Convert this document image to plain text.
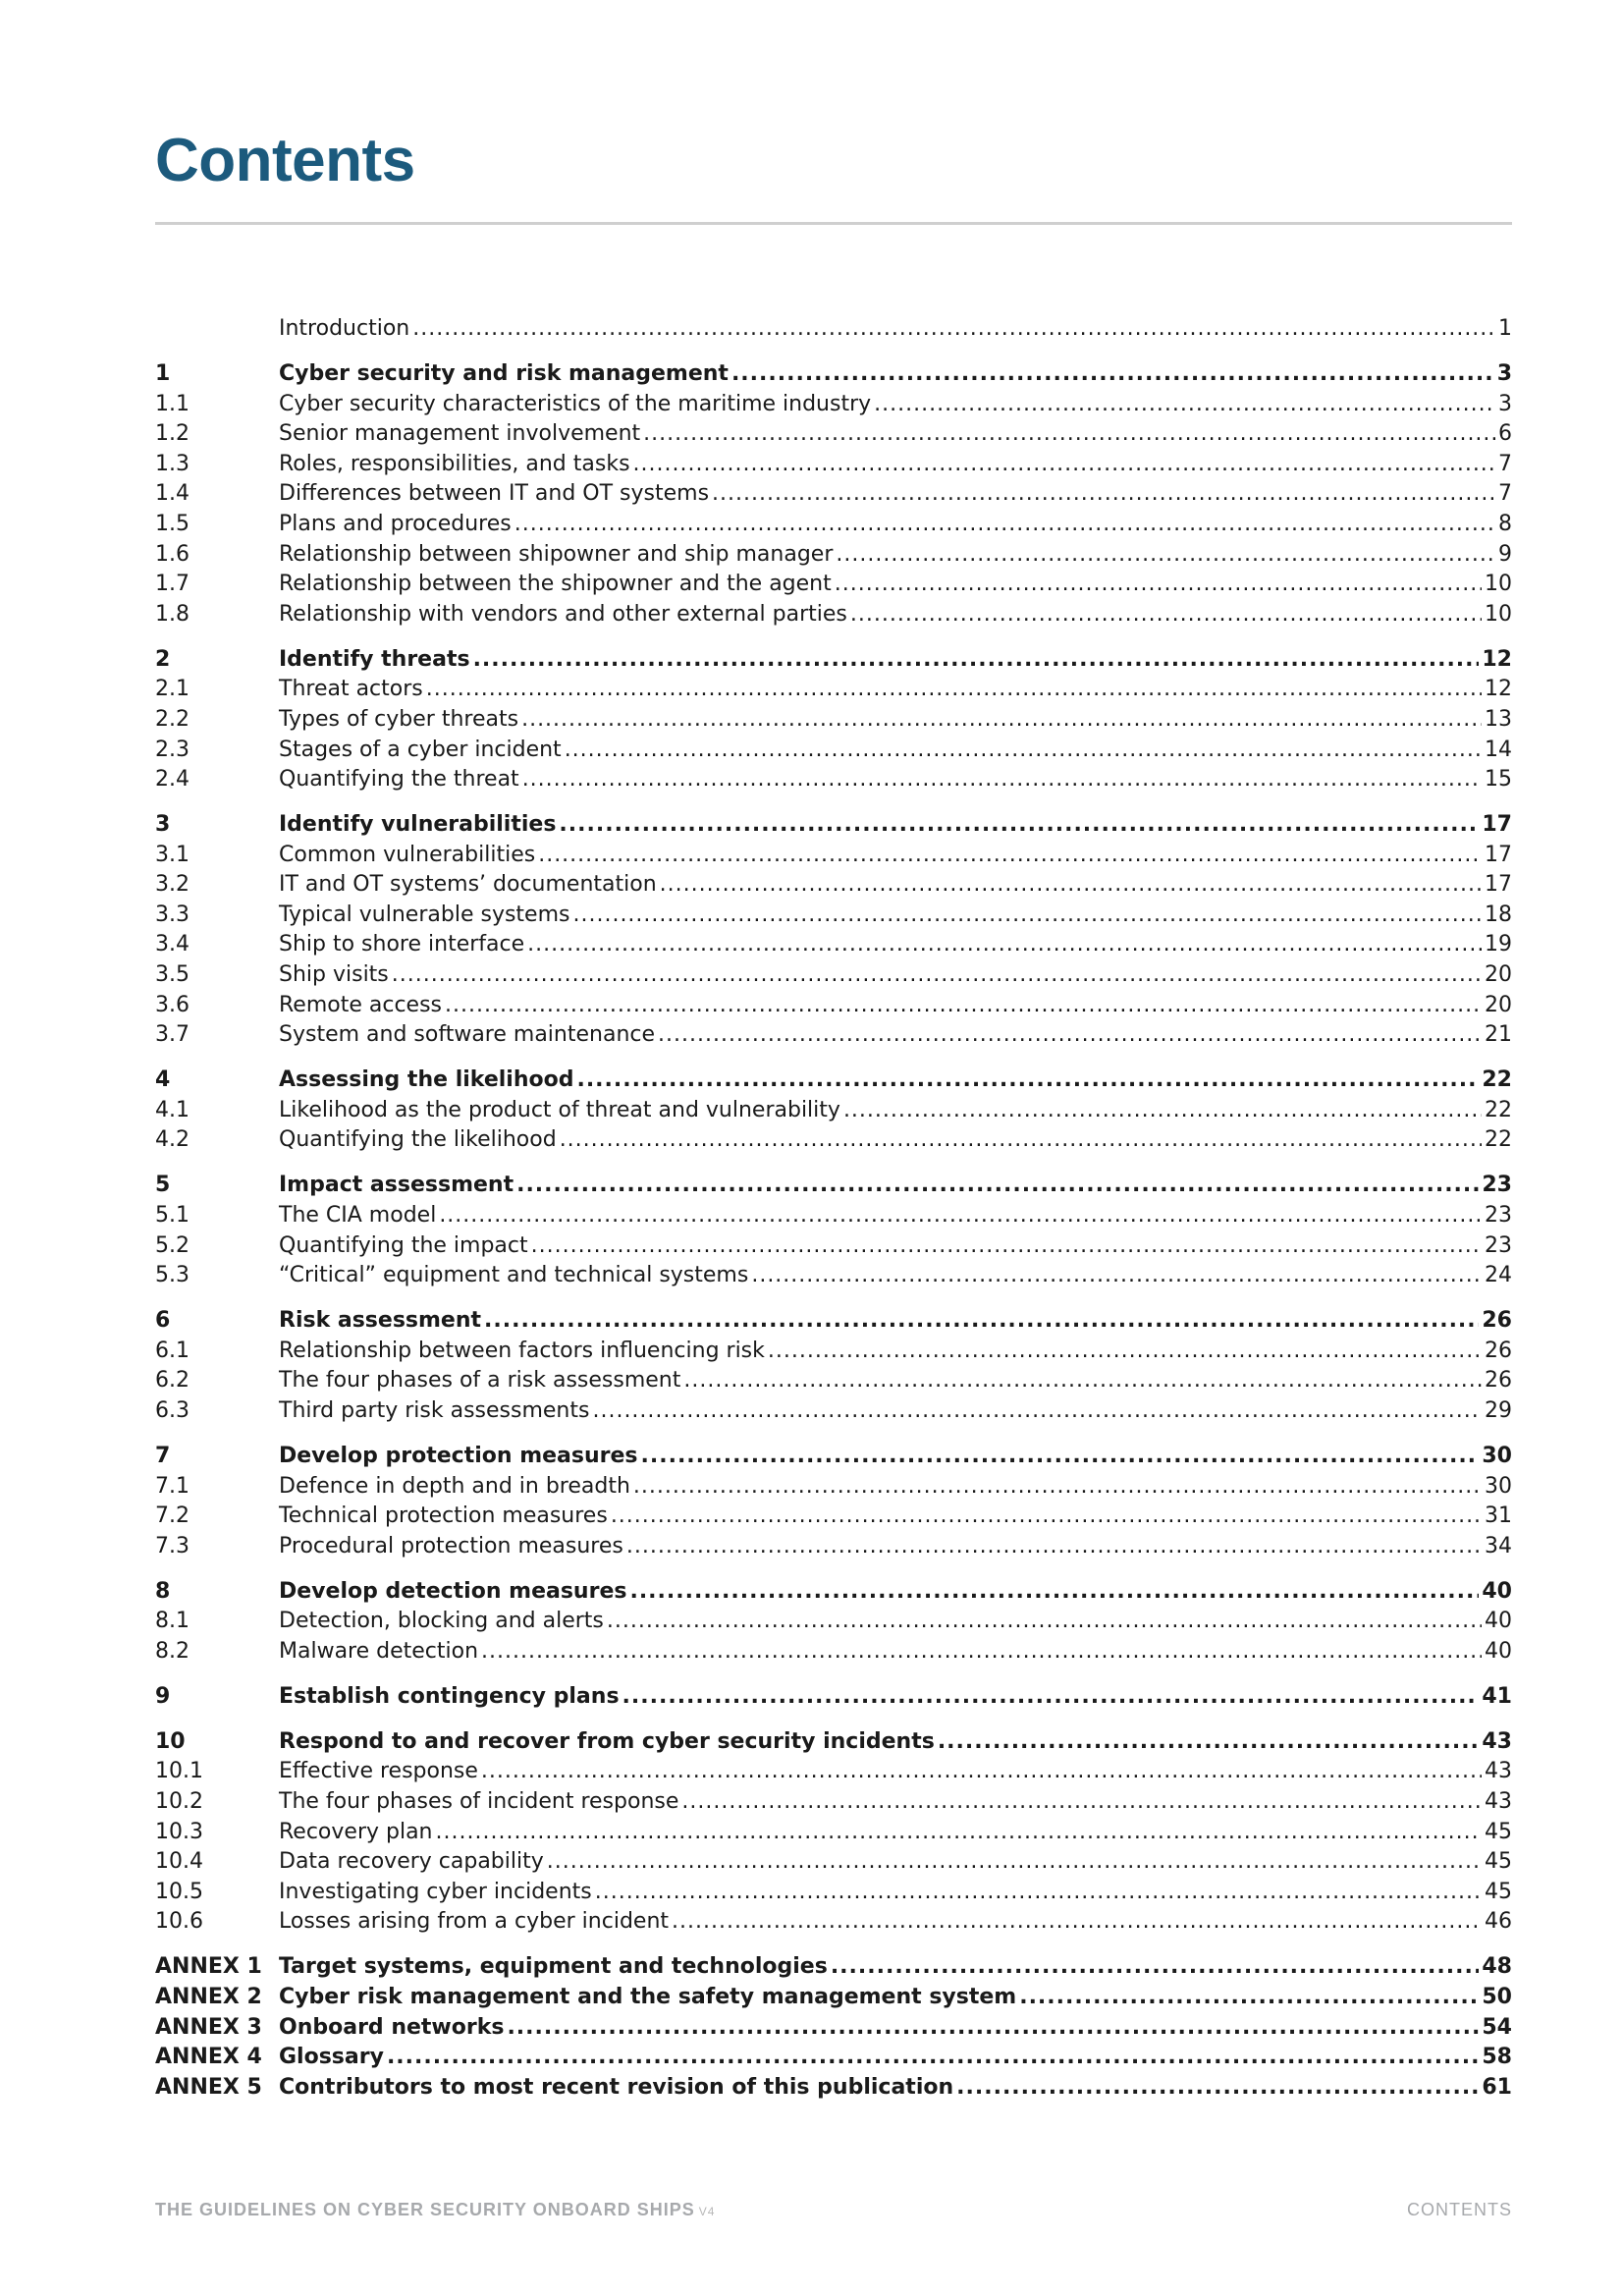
Contents
Introduction .....	1
1	Cyber security and risk management .....	3
1.1	Cyber security characteristics of the maritime industry .....	3
1.2	Senior management involvement .....	6
1.3	Roles, responsibilities, and tasks .....	7
1.4	Differences between IT and OT systems .....	7
1.5	Plans and procedures .....	8
1.6	Relationship between shipowner and ship manager .....	9
1.7	Relationship between the shipowner and the agent .....	10
1.8	Relationship with vendors and other external parties .....	10
2	Identify threats .....	12
2.1	Threat actors .....	12
2.2	Types of cyber threats .....	13
2.3	Stages of a cyber incident .....	14
2.4	Quantifying the threat .....	15
3	Identify vulnerabilities .....	17
3.1	Common vulnerabilities .....	17
3.2	IT and OT systems’ documentation .....	17
3.3	Typical vulnerable systems .....	18
3.4	Ship to shore interface .....	19
3.5	Ship visits .....	20
3.6	Remote access .....	20
3.7	System and software maintenance .....	21
4	Assessing the likelihood .....	22
4.1	Likelihood as the product of threat and vulnerability .....	22
4.2	Quantifying the likelihood .....	22
5	Impact assessment .....	23
5.1	The CIA model .....	23
5.2	Quantifying the impact .....	23
5.3	“Critical” equipment and technical systems .....	24
6	Risk assessment .....	26
6.1	Relationship between factors influencing risk .....	26
6.2	The four phases of a risk assessment .....	26
6.3	Third party risk assessments .....	29
7	Develop protection measures .....	30
7.1	Defence in depth and in breadth .....	30
7.2	Technical protection measures .....	31
7.3	Procedural protection measures .....	34
8	Develop detection measures .....	40
8.1	Detection, blocking and alerts .....	40
8.2	Malware detection .....	40
9	Establish contingency plans .....	41
10	Respond to and recover from cyber security incidents .....	43
10.1	Effective response .....	43
10.2	The four phases of incident response .....	43
10.3	Recovery plan .....	45
10.4	Data recovery capability .....	45
10.5	Investigating cyber incidents .....	45
10.6	Losses arising from a cyber incident .....	46
ANNEX 1 Target systems, equipment and technologies .....	48
ANNEX 2 Cyber risk management and the safety management system .....	50
ANNEX 3 Onboard networks .....	54
ANNEX 4 Glossary .....	58
ANNEX 5 Contributors to most recent revision of this publication .....	61
THE GUIDELINES ON CYBER SECURITY ONBOARD SHIPS V4	CONTENTS
